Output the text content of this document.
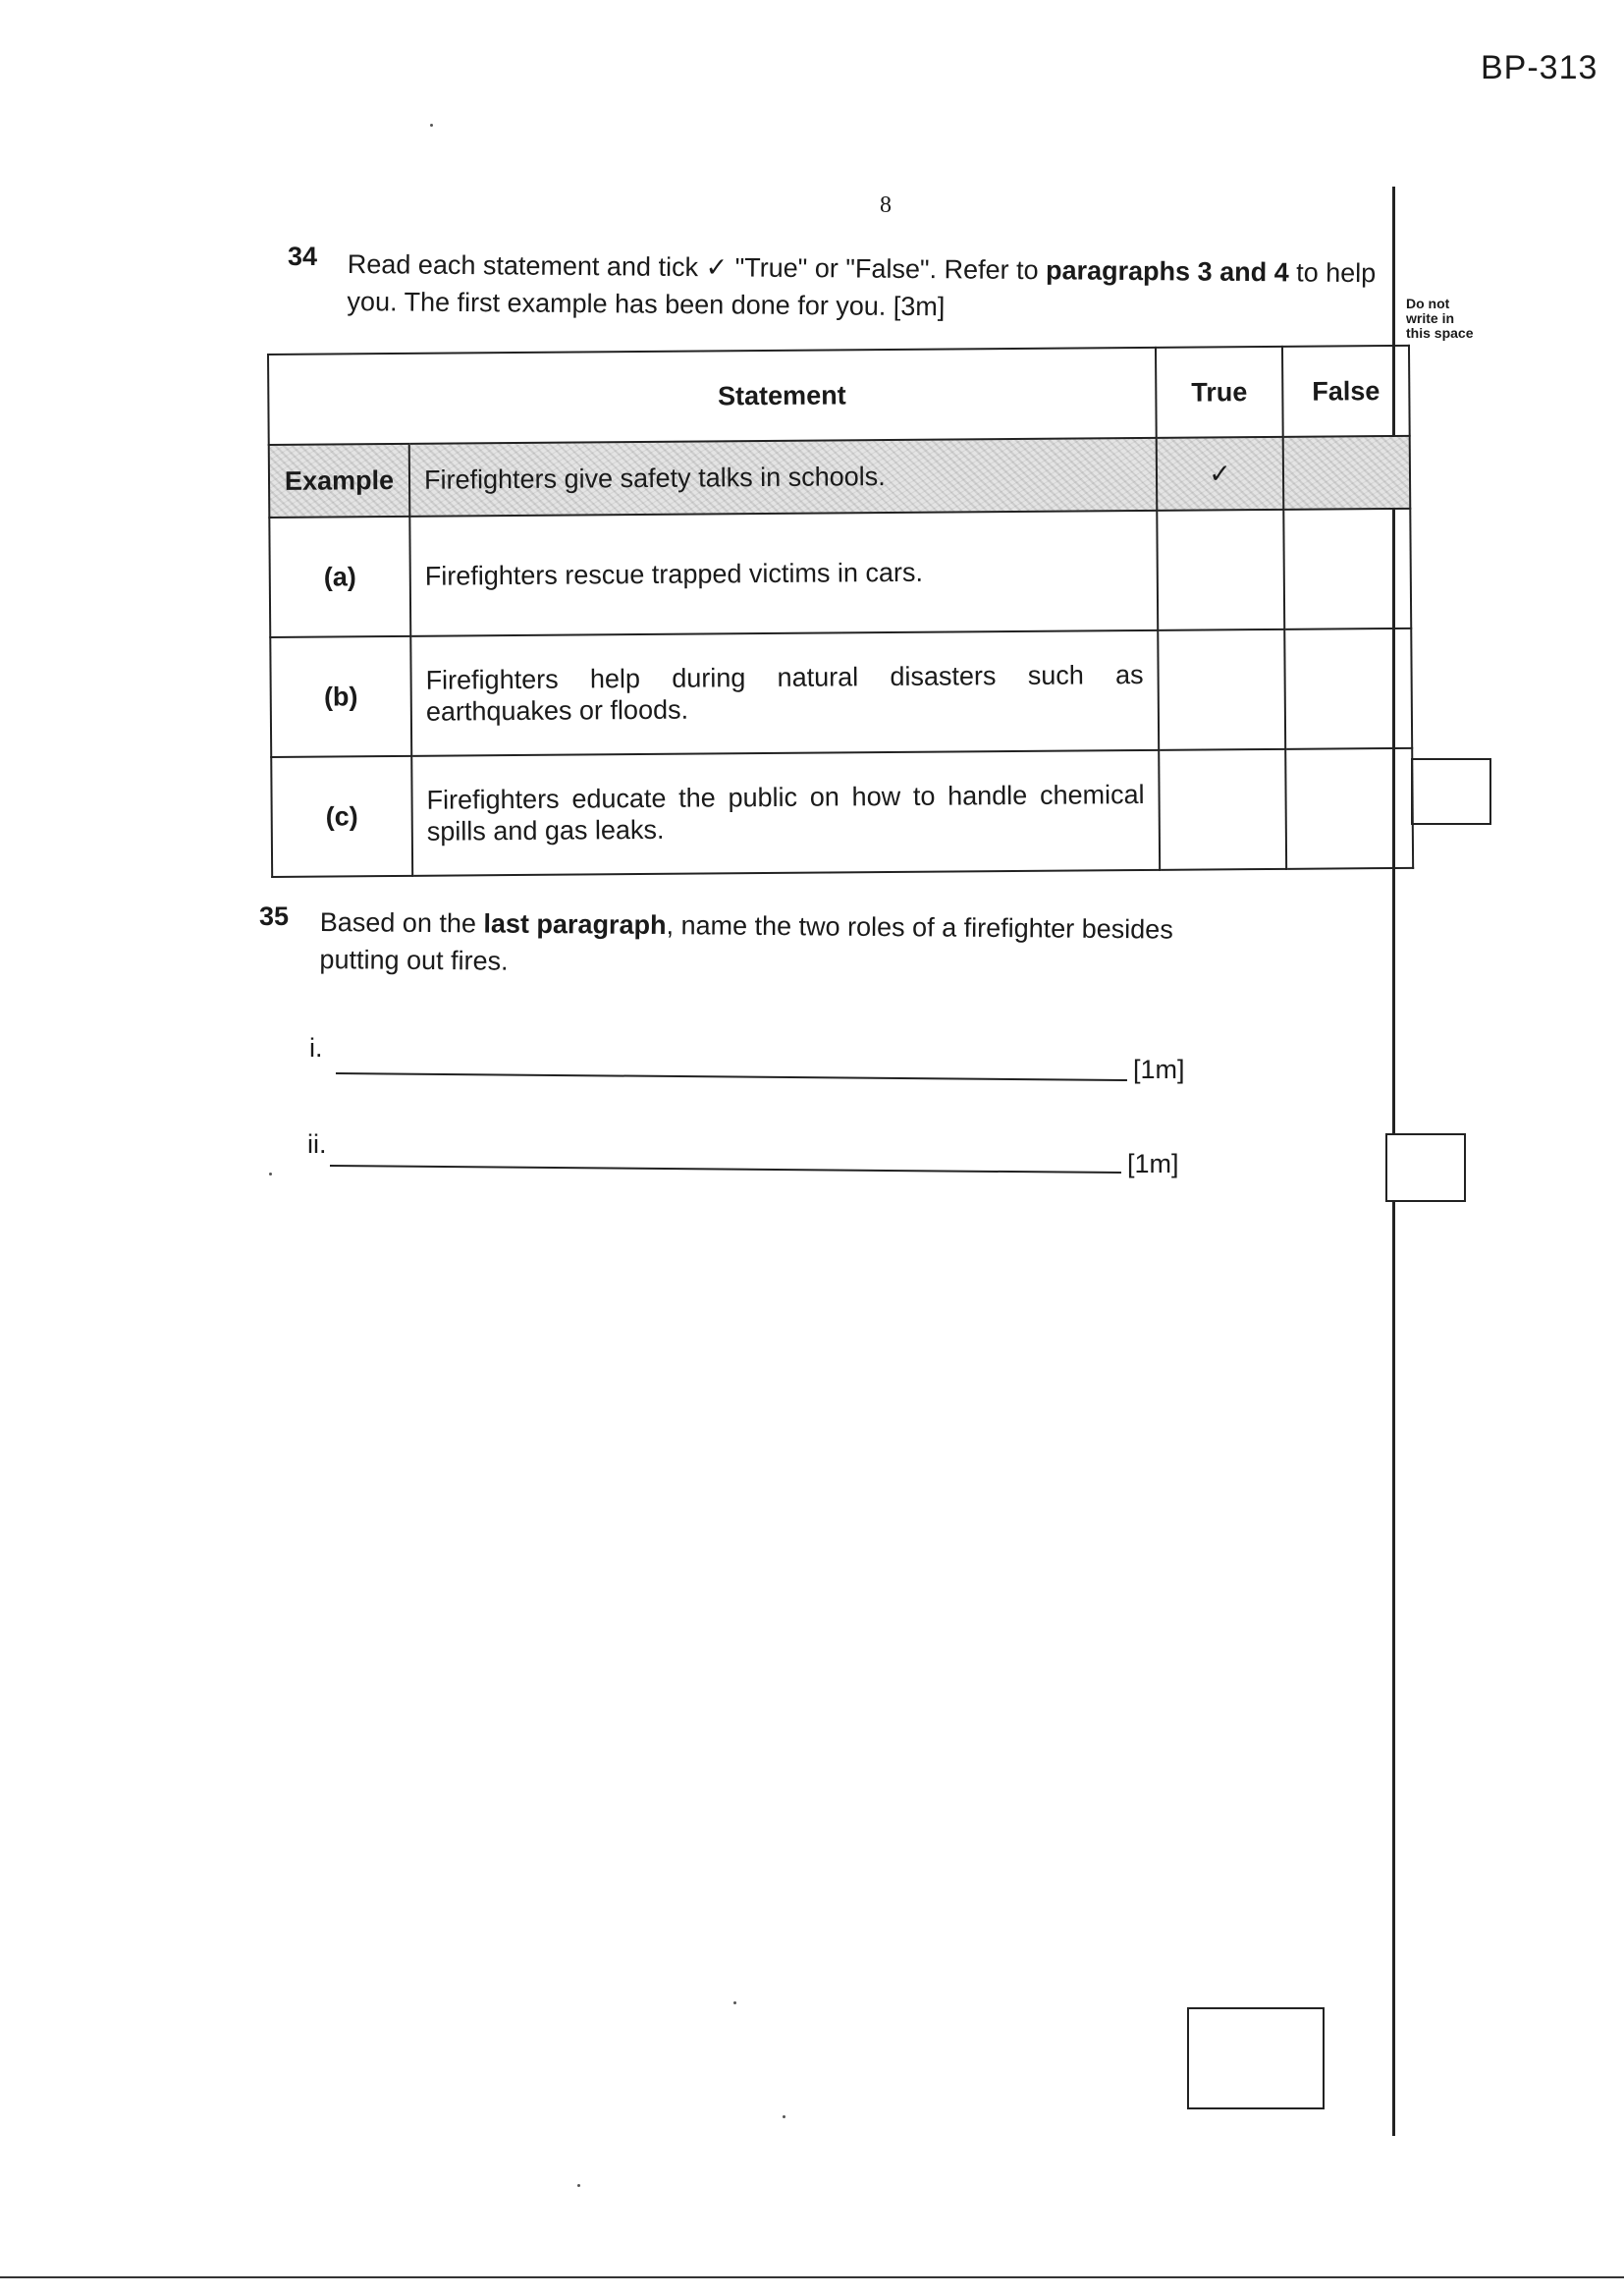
BP-313
8
Do not write in this space
34 Read each statement and tick ✓ "True" or "False". Refer to paragraphs 3 and 4 to help you. The first example has been done for you. [3m]
	Statement	True	False
Example	Firefighters give safety talks in schools.	✓	
(a)	Firefighters rescue trapped victims in cars.		
(b)	Firefighters help during natural disasters such as earthquakes or floods.		
(c)	Firefighters educate the public on how to handle chemical spills and gas leaks.		
35 Based on the last paragraph, name the two roles of a firefighter besides putting out fires.
i.
[1m]
ii.
[1m]
